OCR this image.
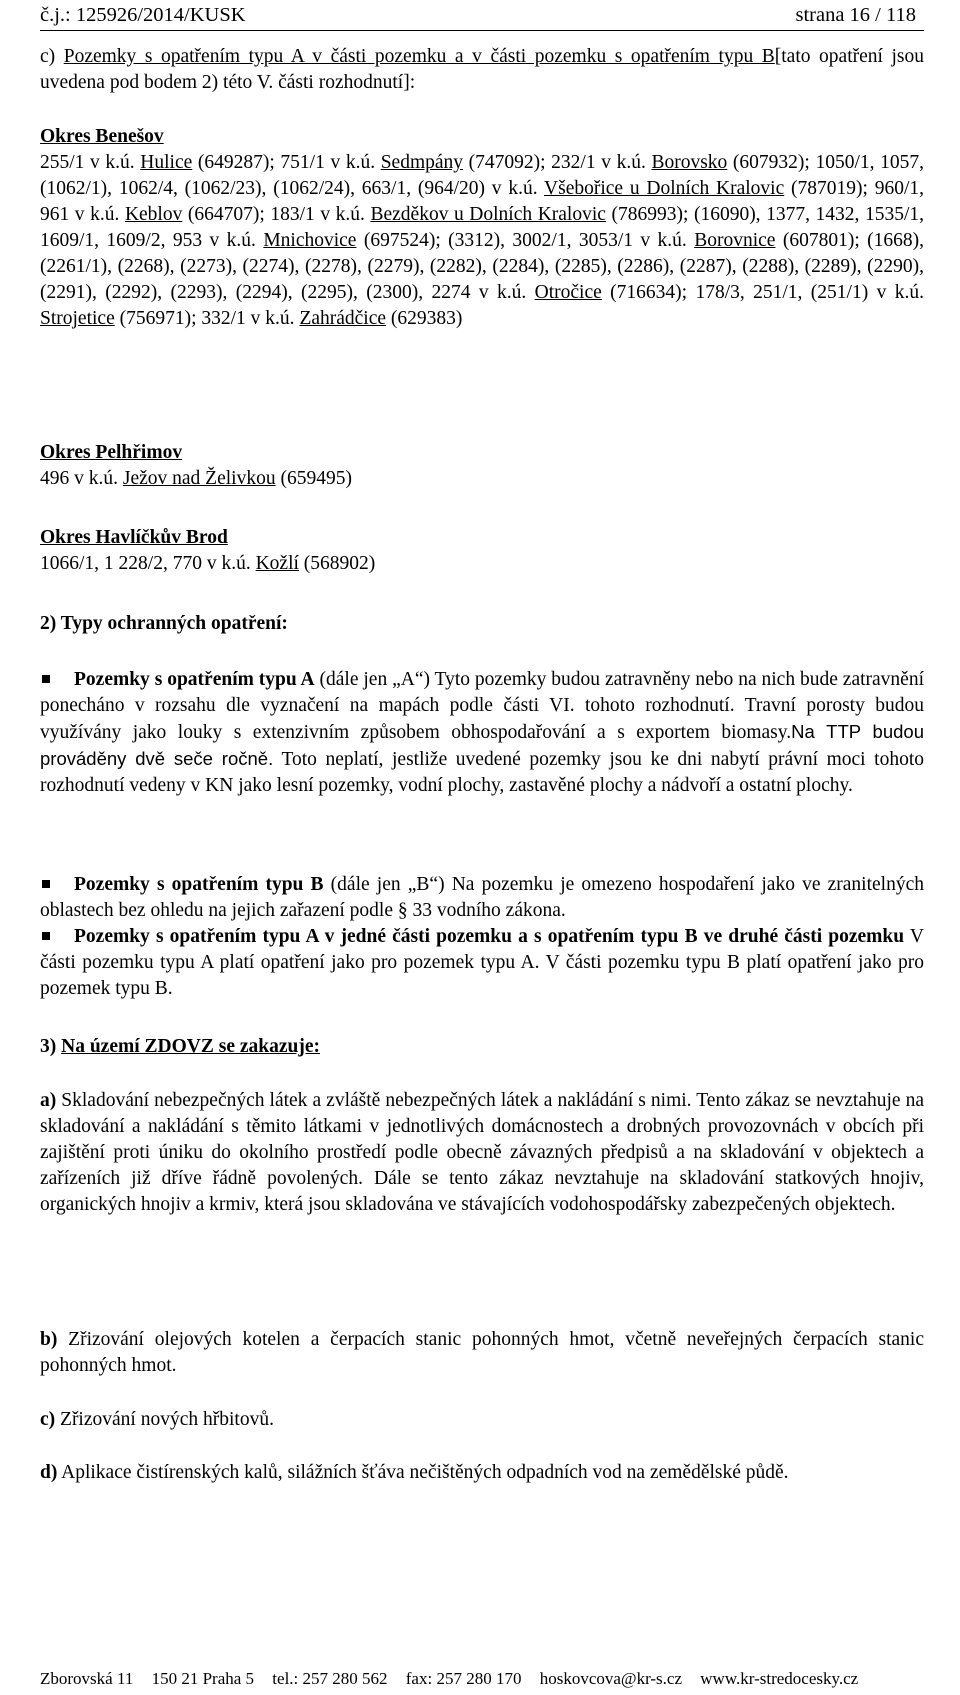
č.j.: 125926/2014/KUSK	strana 16 / 118
c) Pozemky s opatřením typu A v části pozemku a v části pozemku s opatřením typu B[tato opatření jsou uvedena pod bodem 2) této V. části rozhodnutí]:
Okres Benešov
255/1 v k.ú. Hulice (649287); 751/1 v k.ú. Sedmpány (747092); 232/1 v k.ú. Borovsko (607932); 1050/1, 1057, (1062/1), 1062/4, (1062/23), (1062/24), 663/1, (964/20) v k.ú. Všebořice u Dolních Kralovic (787019); 960/1, 961 v k.ú. Keblov (664707); 183/1 v k.ú. Bezděkov u Dolních Kralovic (786993); (16090), 1377, 1432, 1535/1, 1609/1, 1609/2, 953 v k.ú. Mnichovice (697524); (3312), 3002/1, 3053/1 v k.ú. Borovnice (607801); (1668), (2261/1), (2268), (2273), (2274), (2278), (2279), (2282), (2284), (2285), (2286), (2287), (2288), (2289), (2290), (2291), (2292), (2293), (2294), (2295), (2300), 2274 v k.ú. Otročice (716634); 178/3, 251/1, (251/1) v k.ú. Strojetice (756971); 332/1 v k.ú. Zahrádčice (629383)
Okres Pelhřimov
496 v k.ú. Ježov nad Želivkou (659495)
Okres Havlíčkův Brod
1066/1, 1 228/2, 770 v k.ú. Kožlí (568902)
2) Typy ochranných opatření:
Pozemky s opatřením typu A (dále jen „A“) Tyto pozemky budou zatravněny nebo na nich bude zatravnění ponecháno v rozsahu dle vyznačení na mapách podle části VI. tohoto rozhodnutí. Travní porosty budou využívány jako louky s extenzivním způsobem obhospodařování a s exportem biomasy.Na TTP budou prováděny dvě seče ročně. Toto neplatí, jestliže uvedené pozemky jsou ke dni nabytí právní moci tohoto rozhodnutí vedeny v KN jako lesní pozemky, vodní plochy, zastavěné plochy a nádvoří a ostatní plochy.
Pozemky s opatřením typu B (dále jen „B“) Na pozemku je omezeno hospodaření jako ve zranitelných oblastech bez ohledu na jejich zařazení podle § 33 vodního zákona.
Pozemky s opatřením typu A v jedné části pozemku a s opatřením typu B ve druhé části pozemku V části pozemku typu A platí opatření jako pro pozemek typu A. V části pozemku typu B platí opatření jako pro pozemek typu B.
3) Na území ZDOVZ se zakazuje:
a) Skladování nebezpečných látek a zvláště nebezpečných látek a nakládání s nimi. Tento zákaz se nevztahuje na skladování a nakládání s těmito látkami v jednotlivých domácnostech a drobných provozovnách v obcích při zajištění proti úniku do okolního prostředí podle obecně závazných předpisů a na skladování v objektech a zařízeních již dříve řádně povolených. Dále se tento zákaz nevztahuje na skladování statkových hnojiv, organických hnojiv a krmiv, která jsou skladována ve stávajících vodohospodářsky zabezpečených objektech.
b) Zřizování olejových kotelen a čerpacích stanic pohonných hmot, včetně neveřejných čerpacích stanic pohonných hmot.
c) Zřizování nových hřbitovů.
d) Aplikace čistírenských kalů, silážních šťáva nečištěných odpadních vod na zemědělské půdě.
Zborovská 11 150 21 Praha 5 tel.: 257 280 562 fax: 257 280 170 hoskovcova@kr-s.cz www.kr-stredocesky.cz
